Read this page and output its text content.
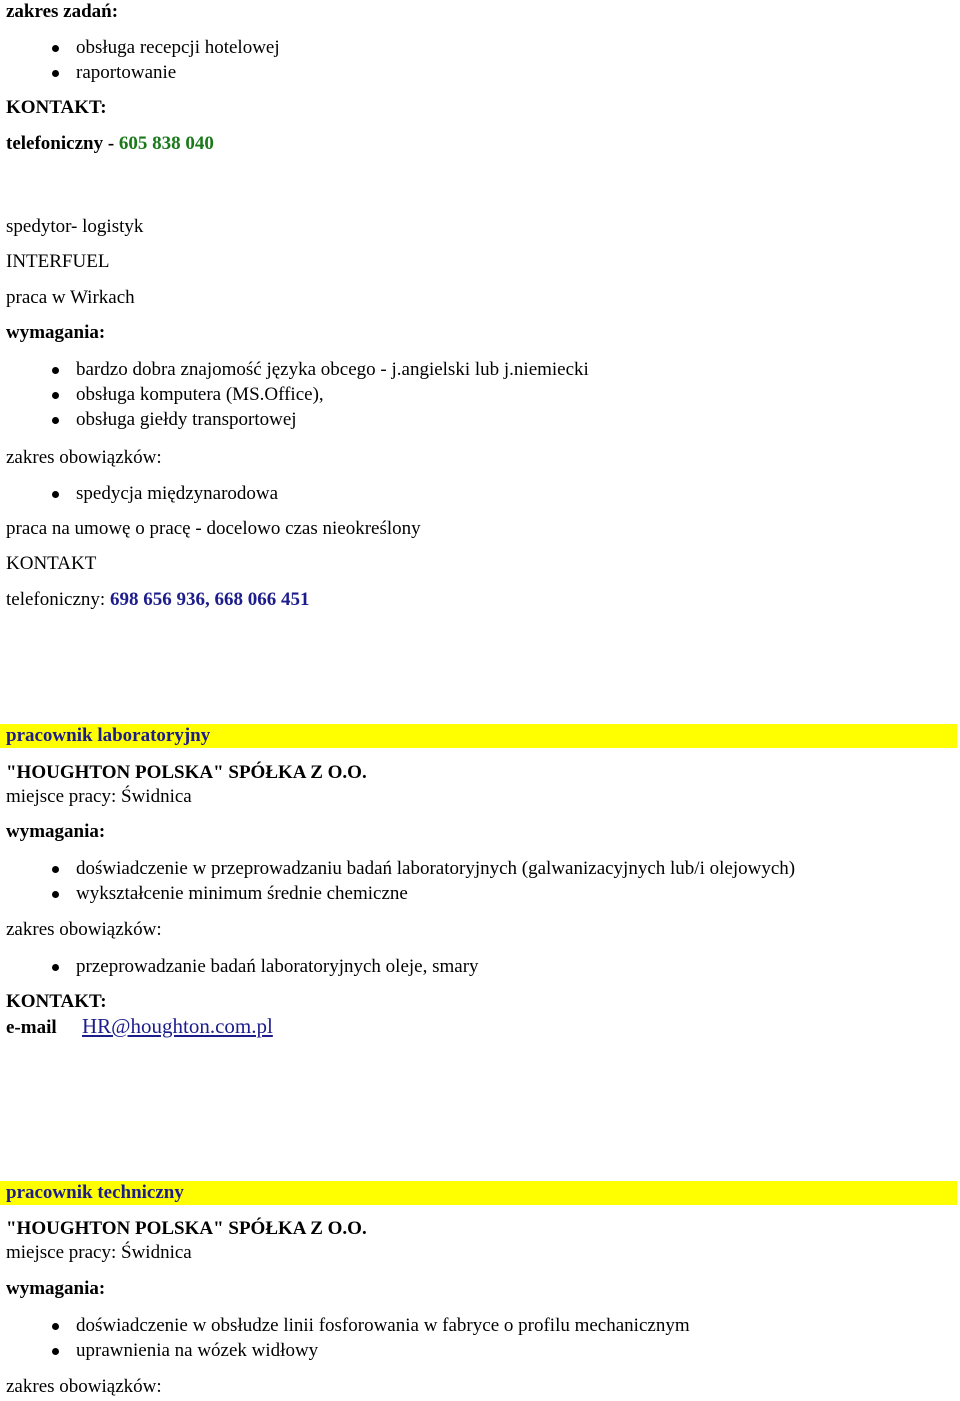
zakres zadań:
obsługa recepcji hotelowej
raportowanie
KONTAKT:
telefoniczny - 605 838 040
spedytor- logistyk
INTERFUEL
praca w Wirkach
wymagania:
bardzo dobra znajomość języka obcego - j.angielski lub j.niemiecki
obsługa komputera (MS.Office),
obsługa giełdy transportowej
zakres obowiązków:
spedycja międzynarodowa
praca na umowę o pracę - docelowo czas nieokreślony
KONTAKT
telefoniczny: 698 656 936, 668 066 451
pracownik laboratoryjny
"HOUGHTON POLSKA" SPÓŁKA Z O.O.
miejsce pracy: Świdnica
wymagania:
doświadczenie w przeprowadzaniu badań laboratoryjnych (galwanizacyjnych lub/i olejowych)
wykształcenie minimum średnie chemiczne
zakres obowiązków:
przeprowadzanie badań laboratoryjnych oleje, smary
KONTAKT:
e-mail HR@houghton.com.pl
pracownik techniczny
"HOUGHTON POLSKA" SPÓŁKA Z O.O.
miejsce pracy: Świdnica
wymagania:
doświadczenie w obsłudze linii fosforowania w fabryce o profilu mechanicznym
uprawnienia na wózek widłowy
zakres obowiązków:
